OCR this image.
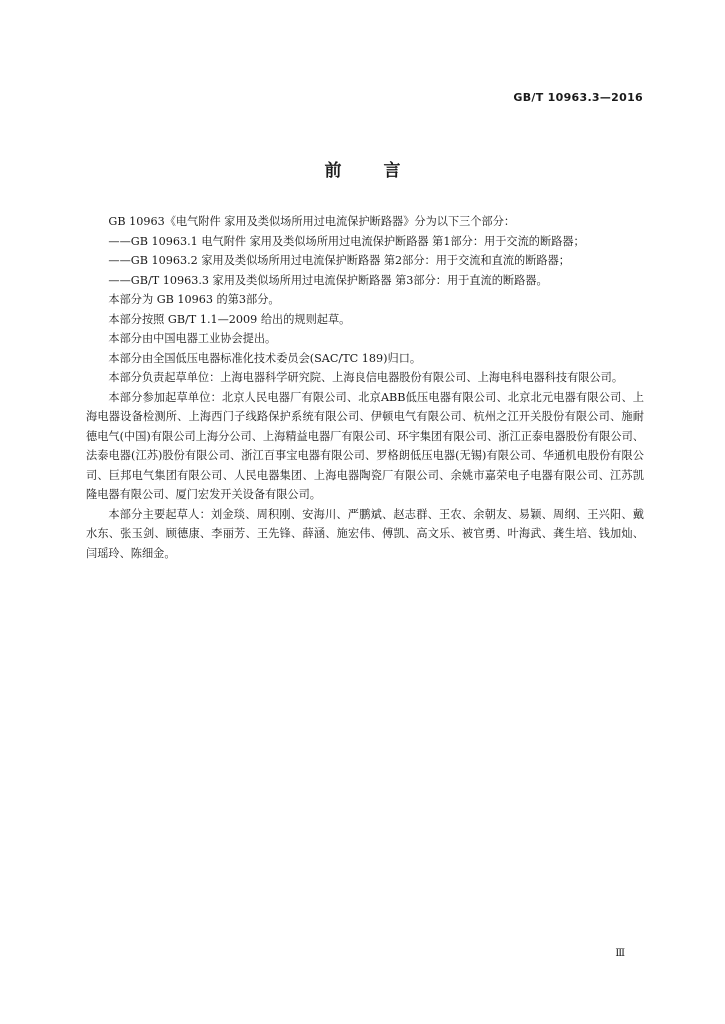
GB/T 10963.3—2016
前 言

GB 10963《电气附件 家用及类似场所用过电流保护断路器》分为以下三个部分：

——GB 10963.1 电气附件 家用及类似场所用过电流保护断路器 第1部分：用于交流的断路器；

——GB 10963.2 家用及类似场所用过电流保护断路器 第2部分：用于交流和直流的断路器；

——GB/T 10963.3 家用及类似场所用过电流保护断路器 第3部分：用于直流的断路器。

本部分为 GB 10963 的第3部分。

本部分按照 GB/T 1.1—2009 给出的规则起草。

本部分由中国电器工业协会提出。

本部分由全国低压电器标准化技术委员会(SAC/TC 189)归口。

本部分负责起草单位：上海电器科学研究院、上海良信电器股份有限公司、上海电科电器科技有限公司。

本部分参加起草单位：北京人民电器厂有限公司、北京ABB低压电器有限公司、北京北元电器有限公司、上海电器设备检测所、上海西门子线路保护系统有限公司、伊顿电气有限公司、杭州之江开关股份有限公司、施耐德电气(中国)有限公司上海分公司、上海精益电器厂有限公司、环宇集团有限公司、浙江正泰电器股份有限公司、法泰电器(江苏)股份有限公司、浙江百事宝电器有限公司、罗格朗低压电器(无锡)有限公司、华通机电股份有限公司、巨邦电气集团有限公司、人民电器集团、上海电器陶瓷厂有限公司、余姚市嘉荣电子电器有限公司、江苏凯隆电器有限公司、厦门宏发开关设备有限公司。

本部分主要起草人：刘金琰、周积刚、安海川、严鹏斌、赵志群、王农、余朝友、易颖、周纲、王兴阳、戴水东、张玉剑、顾德康、李丽芳、王先锋、薛涵、施宏伟、傅凯、高文乐、被官勇、叶海武、龚生培、钱加灿、闫瑶玲、陈细金。

Ⅲ
